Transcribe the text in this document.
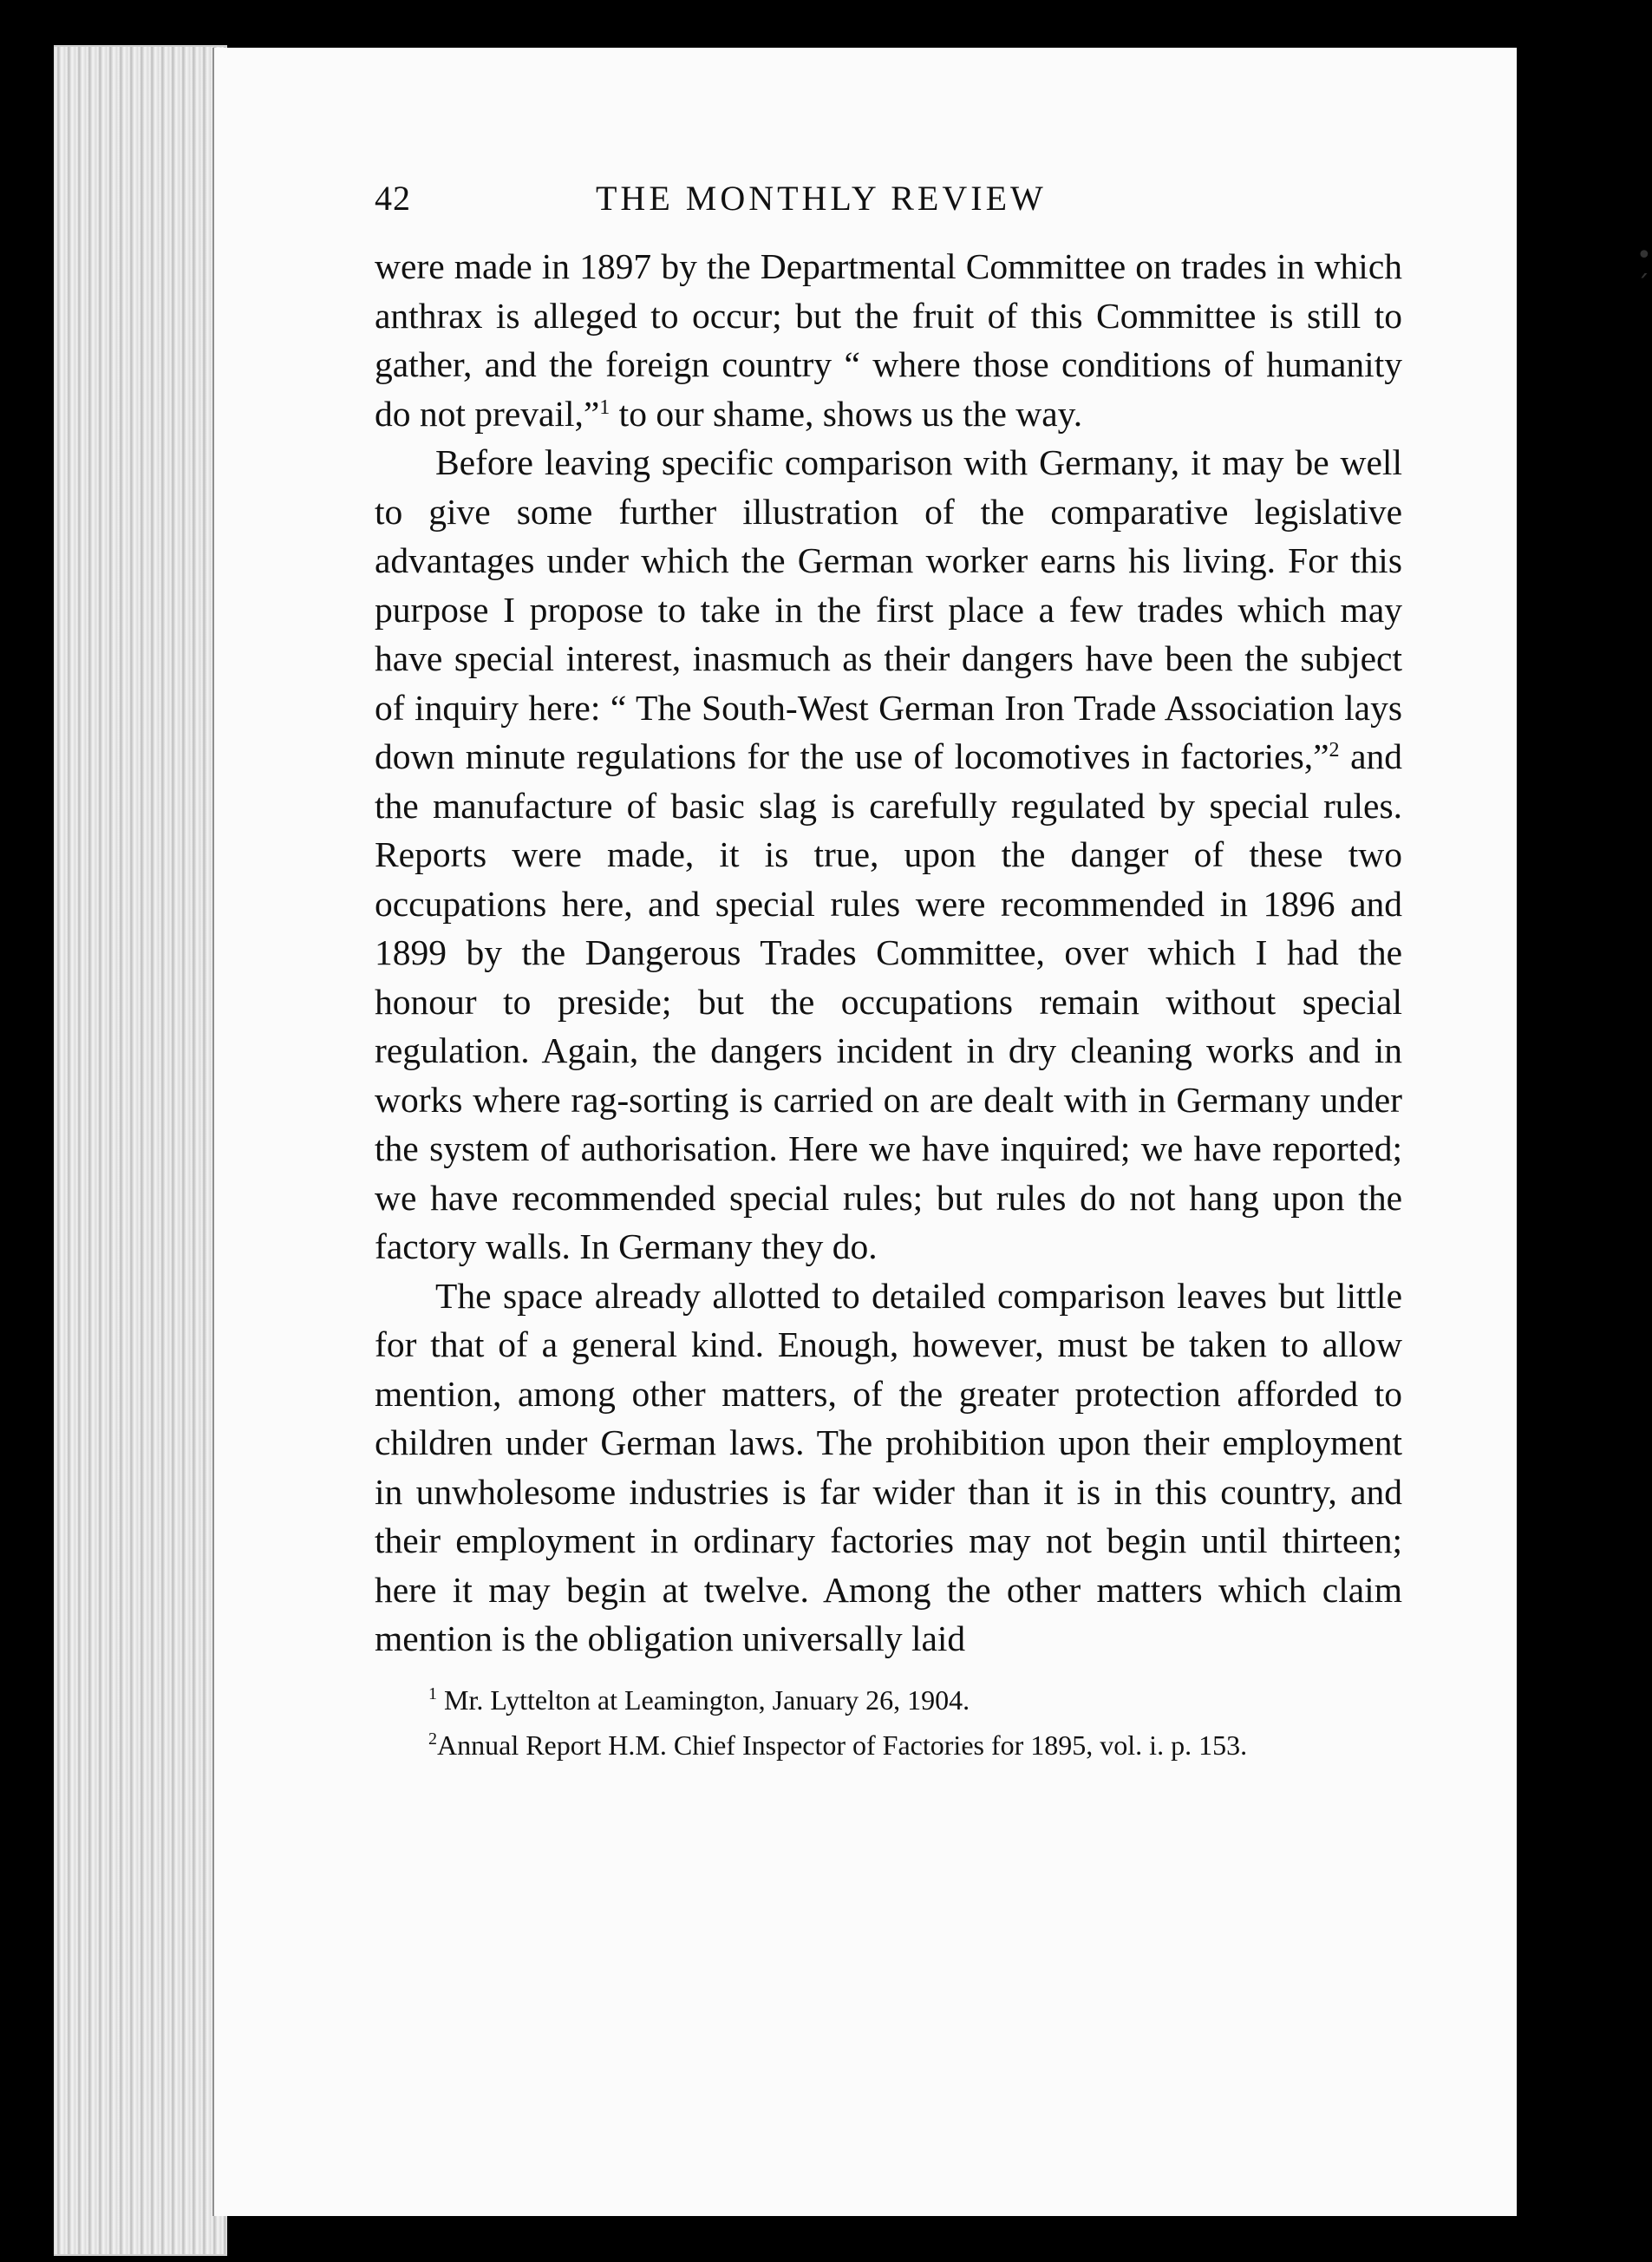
42	THE MONTHLY REVIEW

were made in 1897 by the Departmental Committee on trades in which anthrax is alleged to occur; but the fruit of this Committee is still to gather, and the foreign country “ where those conditions of humanity do not prevail,”$^1$ to our shame, shows us the way.

Before leaving specific comparison with Germany, it may be well to give some further illustration of the comparative legislative advantages under which the German worker earns his living. For this purpose I propose to take in the first place a few trades which may have special interest, inasmuch as their dangers have been the subject of inquiry here: “ The South-West German Iron Trade Association lays down minute regulations for the use of locomotives in factories,”$^2$ and the manufacture of basic slag is carefully regulated by special rules. Reports were made, it is true, upon the danger of these two occupations here, and special rules were recommended in 1896 and 1899 by the Dangerous Trades Committee, over which I had the honour to preside; but the occupations remain without special regulation. Again, the dangers incident in dry cleaning works and in works where rag-sorting is carried on are dealt with in Germany under the system of authorisation. Here we have inquired; we have reported; we have recommended special rules; but rules do not hang upon the factory walls. In Germany they do.

The space already allotted to detailed comparison leaves but little for that of a general kind. Enough, however, must be taken to allow mention, among other matters, of the greater protection afforded to children under German laws. The prohibition upon their employment in unwholesome industries is far wider than it is in this country, and their employment in ordinary factories may not begin until thirteen; here it may begin at twelve. Among the other matters which claim mention is the obligation universally laid

$^1$ Mr. Lyttelton at Leamington, January 26, 1904.

$^2$Annual Report H.M. Chief Inspector of Factories for 1895, vol. i. p. 153.

• ˊ
